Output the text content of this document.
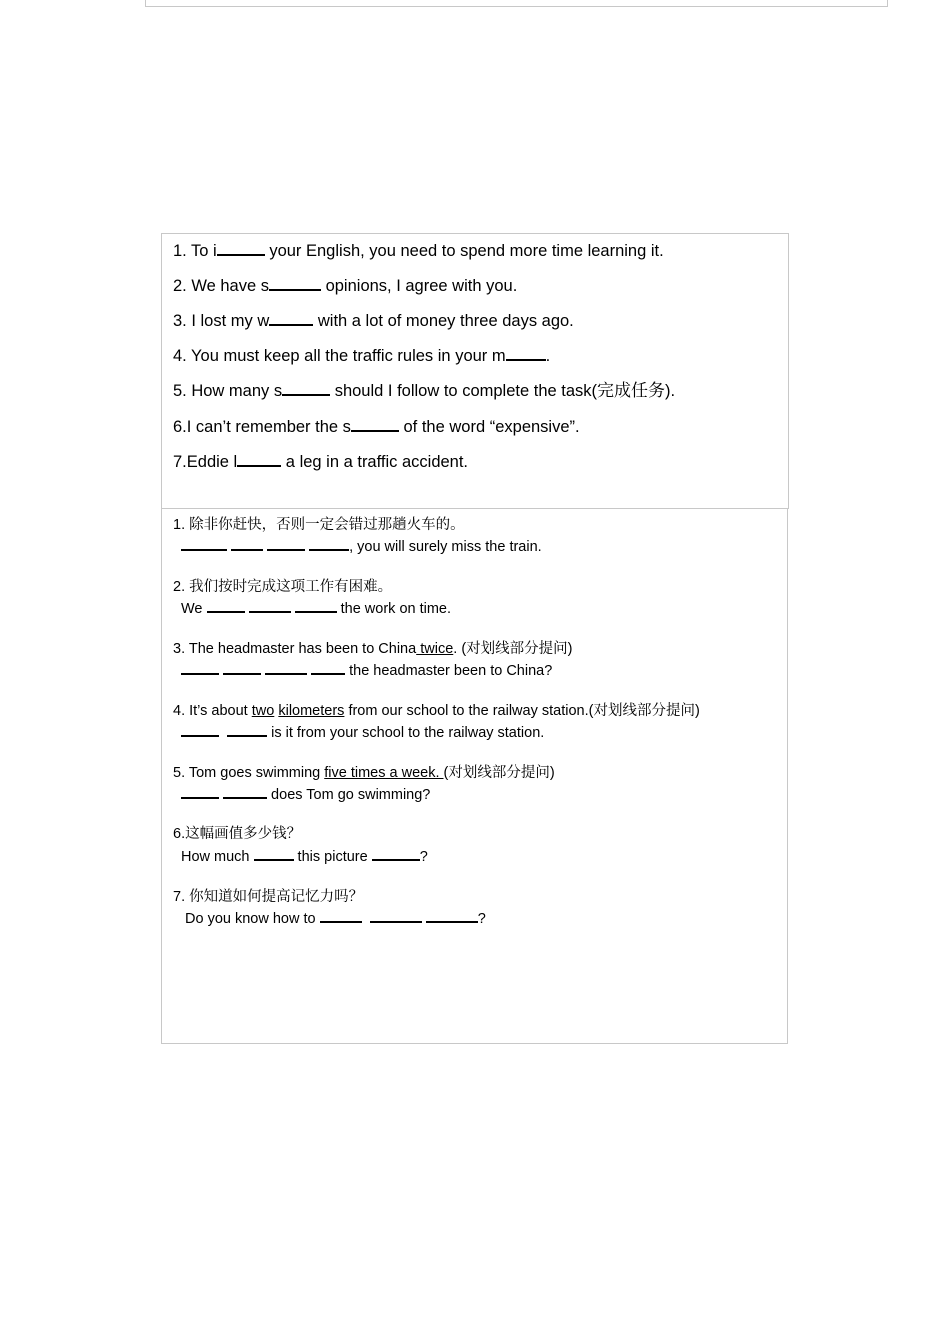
1. To i	your English, you need to spend more time learning it.
2. We have s	opinions, I agree with you.
3. I lost my w	with a lot of money three days ago.
4. You must keep all the traffic rules in your m .
5. How many s	should I follow to complete the task(完成任务).
6.I can’t remember the s	of the word “expensive”.
7.Eddie l	a leg in a traffic accident.
1. 除非你赶快，否则一定会错过那趟火车的。
, you will surely miss the train.
2. 我们按时完成这项工作有困难。
We	the work on time.
3. The headmaster has been to China twice. (对划线部分提问)
the headmaster been to China?
4. It’s about two kilometers from our school to the railway station.(对划线部分提问)
is it from your school to the railway station.
5. Tom goes swimming five times a week. (对划线部分提问)
does Tom go swimming?
6.这幅画值多少钱？
How much	this picture	?
7. 你知道如何提高记忆力吗？
Do you know how to	?
